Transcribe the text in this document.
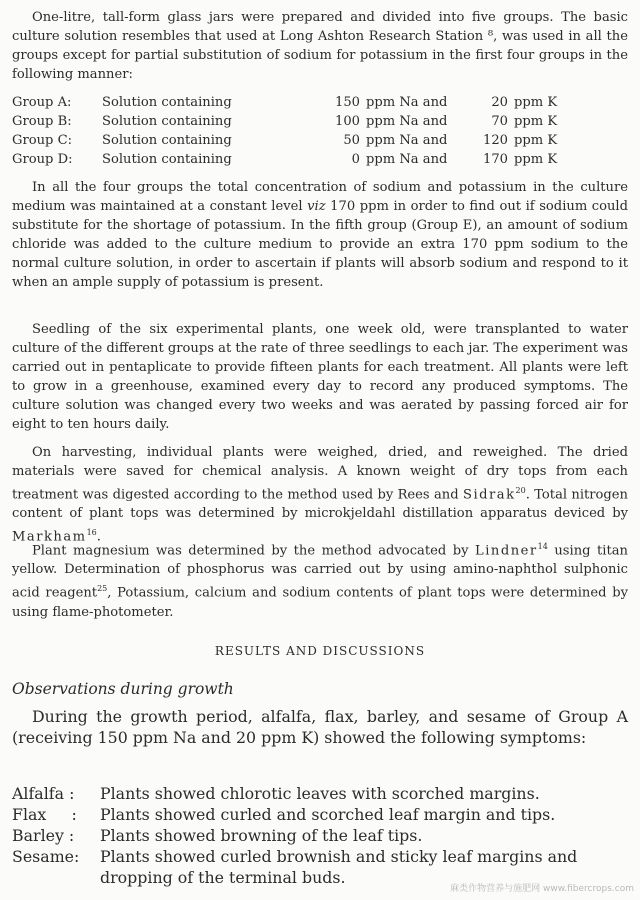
One-litre, tall-form glass jars were prepared and divided into five groups. The basic culture solution resembles that used at Long Ashton Research Station ⁸, was used in all the groups except for partial substitution of sodium for potassium in the first four groups in the following manner:
Group A:	Solution containing	150 ppm Na and	20 ppm K
Group B:	Solution containing	100 ppm Na and	70 ppm K
Group C:	Solution containing	50 ppm Na and	120 ppm K
Group D:	Solution containing	0 ppm Na and	170 ppm K
In all the four groups the total concentration of sodium and potassium in the culture medium was maintained at a constant level viz 170 ppm in order to find out if sodium could substitute for the shortage of potassium. In the fifth group (Group E), an amount of sodium chloride was added to the culture medium to provide an extra 170 ppm sodium to the normal culture solution, in order to ascertain if plants will absorb sodium and respond to it when an ample supply of potassium is present.
Seedling of the six experimental plants, one week old, were transplanted to water culture of the different groups at the rate of three seedlings to each jar. The experiment was carried out in pentaplicate to provide fifteen plants for each treatment. All plants were left to grow in a greenhouse, examined every day to record any produced symptoms. The culture solution was changed every two weeks and was aerated by passing forced air for eight to ten hours daily.
On harvesting, individual plants were weighed, dried, and reweighed. The dried materials were saved for chemical analysis. A known weight of dry tops from each treatment was digested according to the method used by Rees and Sidrak$^{20}$. Total nitrogen content of plant tops was determined by microkjeldahl distillation apparatus deviced by Markham$^{16}$.
Plant magnesium was determined by the method advocated by Lindner$^{14}$ using titan yellow. Determination of phosphorus was carried out by using amino-naphthol sulphonic acid reagent$^{25}$, Potassium, calcium and sodium contents of plant tops were determined by using flame-photometer.
RESULTS AND DISCUSSIONS
Observations during growth
During the growth period, alfalfa, flax, barley, and sesame of Group A (receiving 150 ppm Na and 20 ppm K) showed the following symptoms:
Alfalfa :	Plants showed chlorotic leaves with scorched margins.
Flax     :	Plants showed curled and scorched leaf margin and tips.
Barley :	Plants showed browning of the leaf tips.
Sesame:	Plants showed curled brownish and sticky leaf margins and dropping of the terminal buds.
麻类作物营养与施肥网 www.fibercrops.com
